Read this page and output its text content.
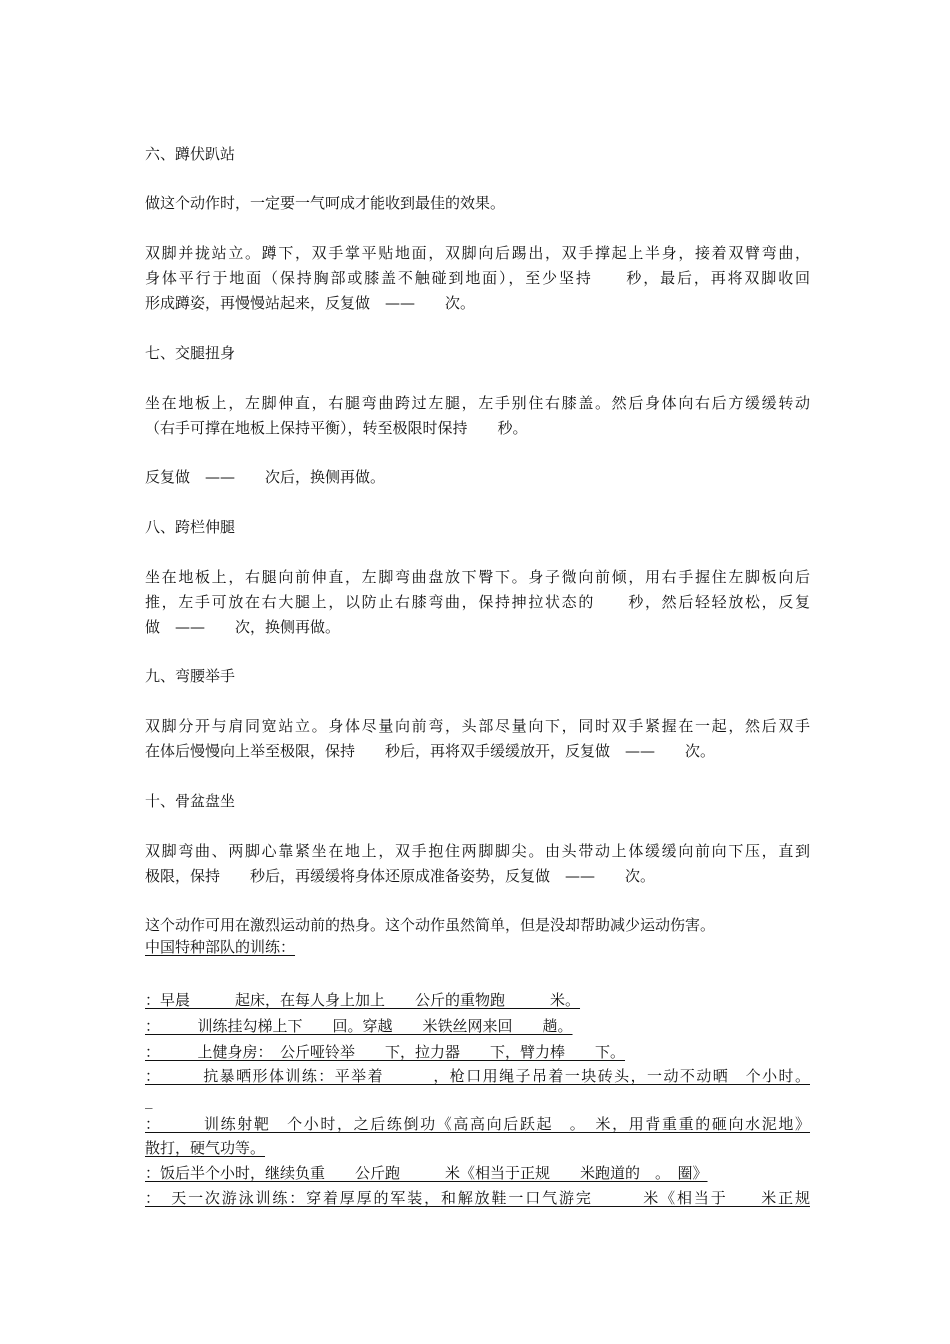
六、蹲伏趴站
做这个动作时，一定要一气呵成才能收到最佳的效果。
双脚并拢站立。蹲下，双手掌平贴地面，双脚向后踢出，双手撑起上半身，接着双臂弯曲，
身体平行于地面（保持胸部或膝盖不触碰到地面），至少坚持　　秒，最后，再将双脚收回
形成蹲姿，再慢慢站起来，反复做　——　　次。
七、交腿扭身
坐在地板上，左脚伸直，右腿弯曲跨过左腿，左手别住右膝盖。然后身体向右后方缓缓转动
（右手可撑在地板上保持平衡），转至极限时保持　　秒。
反复做　——　　次后，换侧再做。
八、跨栏伸腿
坐在地板上，右腿向前伸直，左脚弯曲盘放下臀下。身子微向前倾，用右手握住左脚板向后
推，左手可放在右大腿上，以防止右膝弯曲，保持抻拉状态的　　秒，然后轻轻放松，反复
做　——　　次，换侧再做。
九、弯腰举手
双脚分开与肩同宽站立。身体尽量向前弯，头部尽量向下，同时双手紧握在一起，然后双手
在体后慢慢向上举至极限，保持　　秒后，再将双手缓缓放开，反复做　——　　次。
十、骨盆盘坐
双脚弯曲、两脚心靠紧坐在地上，双手抱住两脚脚尖。由头带动上体缓缓向前向下压，直到
极限，保持　　秒后，再缓缓将身体还原成准备姿势，反复做　——　　次。
这个动作可用在激烈运动前的热身。这个动作虽然简单，但是没却帮助减少运动伤害。
中国特种部队的训练：
：早晨　　　起床，在每人身上加上　　公斤的重物跑　　　米。
：　　　训练挂勾梯上下　　回。穿越　　米铁丝网来回　　趟。
：　　　上健身房：　公斤哑铃举　　下，拉力器　　下，臂力棒　　下。
：　　　抗暴晒形体训练：平举着　　　，枪口用绳子吊着一块砖头，一动不动晒　个小时。
_
：　　　训练射靶　个小时，之后练倒功《高高向后跃起　。　米，用背重重的砸向水泥地》
散打，硬气功等。
：饭后半个小时，继续负重　　公斤跑　　　米《相当于正规　　米跑道的　。　圈》
：　天一次游泳训练：穿着厚厚的军装，和解放鞋一口气游完　　　米《相当于　　米正规
